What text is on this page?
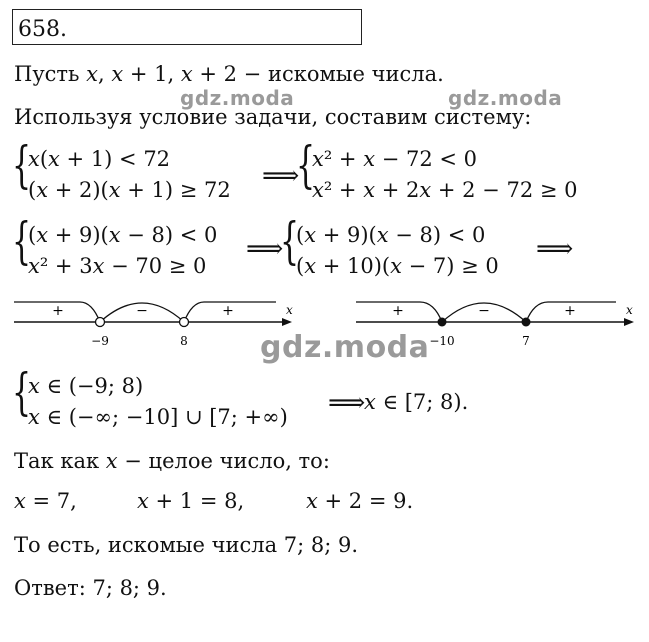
658.
Пусть 𝑥, 𝑥 + 1, 𝑥 + 2 − искомые числа.
gdz.moda	gdz.moda
Используя условие задачи, составим систему:
{
𝑥(𝑥 + 1) < 72
(𝑥 + 2)(𝑥 + 1) ≥ 72 ⟹
{
𝑥² + 𝑥 − 72 < 0
𝑥² + 𝑥 + 2𝑥 + 2 − 72 ≥ 0
{
(𝑥 + 9)(𝑥 − 8) < 0
𝑥² + 3𝑥 − 70 ≥ 0
⟹
{
(𝑥 + 9)(𝑥 − 8) < 0
(𝑥 + 10)(𝑥 − 7) ≥ 0
⟹
+	−	+	x
−9	8
+	−	+	x
−10	7
gdz.moda
{
𝑥 ∈ (−9; 8)
𝑥 ∈ (−∞; −10] ∪ [7; +∞) ⟹
𝑥 ∈ [7; 8).
Так как 𝑥 − целое число, то:
𝑥 = 7,	𝑥 + 1 = 8,	𝑥 + 2 = 9.
То есть, искомые числа 7; 8; 9.
Ответ: 7; 8; 9.
